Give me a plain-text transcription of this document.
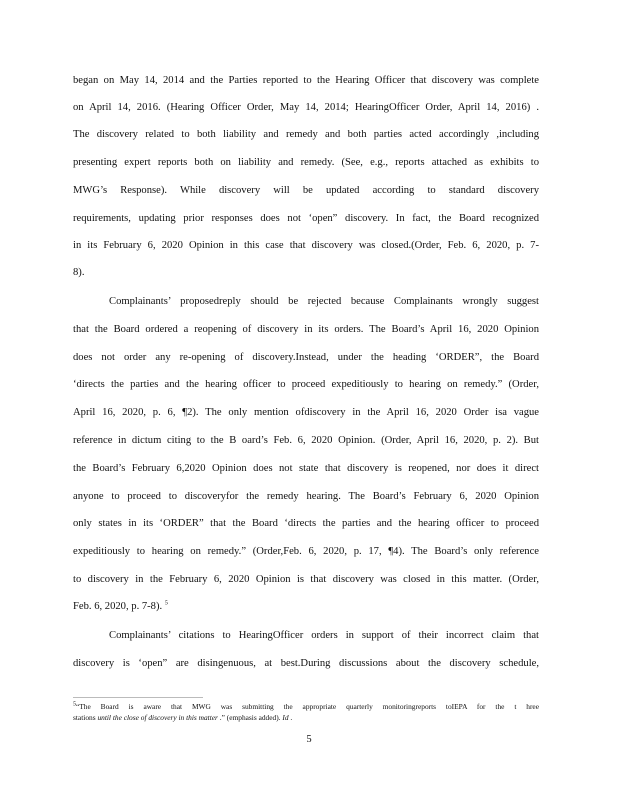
began on May 14, 2014 and the Parties reported to the Hearing Officer that discovery was complete
on April 14, 2016. (Hearing Officer Order, May 14, 2014; HearingOfficer Order, April 14, 2016) .
The discovery related to both liability and remedy and both parties acted accordingly ,including
presenting expert reports both on liability and remedy. (See, e.g., reports attached as exhibits to
MWG’s Response). While discovery will be updated according to standard discovery
requirements, updating prior responses does not ‘open” discovery. In fact, the Board recognized
in its February 6, 2020 Opinion in this case that discovery was closed.(Order, Feb. 6, 2020, p. 7-
8).
Complainants’ proposedreply should be rejected because Complainants wrongly suggest
that the Board ordered a reopening of discovery in its orders. The Board’s April 16, 2020 Opinion
does not order any re-opening of discovery.Instead, under the heading ‘ORDER”, the Board
‘directs the parties and the hearing officer to proceed expeditiously to hearing on remedy.” (Order,
April 16, 2020, p. 6, ¶2). The only mention ofdiscovery in the April 16, 2020 Order isa vague
reference in dictum citing to the B oard’s Feb. 6, 2020 Opinion. (Order, April 16, 2020, p. 2). But
the Board’s February 6,2020 Opinion does not state that discovery is reopened, nor does it direct
anyone to proceed to discoveryfor the remedy hearing. The Board’s February 6, 2020 Opinion
only states in its ‘ORDER” that the Board ‘directs the parties and the hearing officer to proceed
expeditiously to hearing on remedy.” (Order,Feb. 6, 2020, p. 17, ¶4). The Board’s only reference
to discovery in the February 6, 2020 Opinion is that discovery was closed in this matter. (Order,
Feb. 6, 2020, p. 7-8). $^5$
Complainants’ citations to HearingOfficer orders in support of their incorrect claim that
discovery is ‘open” are disingenuous, at best.During discussions about the discovery schedule,
$^5$“The Board is aware that MWG was submitting the appropriate quarterly monitoringreports toIEPA for the t hree
stations until the close of discovery in this matter .” (emphasis added). Id .
5
